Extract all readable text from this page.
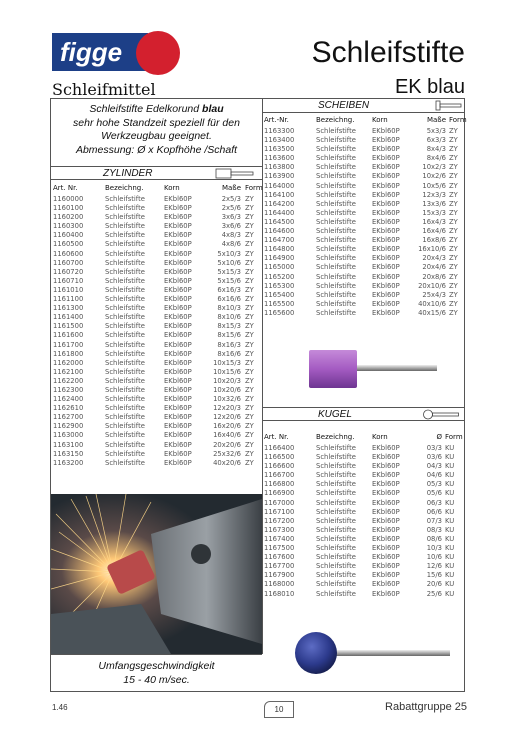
figge
Schleifmittel
Schleifstifte
EK blau
Schleifstifte Edelkorund blau
sehr hohe Standzeit speziell für den
Werkzeugbau geeignet.
Abmessung: Ø x Kopfhöhe /Schaft
ZYLINDER
Art. Nr.	Bezeichng.	Korn	Maße Form
1160000	Schleifstifte	EKbl60P	2x5/3 ZY
1160100	Schleifstifte	EKbl60P	2x5/6 ZY
1160200	Schleifstifte	EKbl60P	3x6/3 ZY
1160300	Schleifstifte	EKbl60P	3x6/6 ZY
1160400	Schleifstifte	EKbl60P	4x8/3 ZY
1160500	Schleifstifte	EKbl60P	4x8/6 ZY
1160600	Schleifstifte	EKbl60P	5x10/3 ZY
1160700	Schleifstifte	EKbl60P	5x10/6 ZY
1160720	Schleifstifte	EKbl60P	5x15/3 ZY
1160710	Schleifstifte	EKbl60P	5x15/6 ZY
1161010	Schleifstifte	EKbl60P	6x16/3 ZY
1161100	Schleifstifte	EKbl60P	6x16/6 ZY
1161300	Schleifstifte	EKbl60P	8x10/3 ZY
1161400	Schleifstifte	EKbl60P	8x10/6 ZY
1161500	Schleifstifte	EKbl60P	8x15/3 ZY
1161600	Schleifstifte	EKbl60P	8x15/6 ZY
1161700	Schleifstifte	EKbl60P	8x16/3 ZY
1161800	Schleifstifte	EKbl60P	8x16/6 ZY
1162000	Schleifstifte	EKbl60P	10x15/3 ZY
1162100	Schleifstifte	EKbl60P	10x15/6 ZY
1162200	Schleifstifte	EKbl60P	10x20/3 ZY
1162300	Schleifstifte	EKbl60P	10x20/6 ZY
1162400	Schleifstifte	EKbl60P	10x32/6 ZY
1162610	Schleifstifte	EKbl60P	12x20/3 ZY
1162700	Schleifstifte	EKbl60P	12x20/6 ZY
1162900	Schleifstifte	EKbl60P	16x20/6 ZY
1163000	Schleifstifte	EKbl60P	16x40/6 ZY
1163100	Schleifstifte	EKbl60P	20x20/6 ZY
1163150	Schleifstifte	EKbl60P	25x32/6 ZY
1163200	Schleifstifte	EKbl60P	40x20/6 ZY
SCHEIBEN
Art.-Nr.	Bezeichng.	Korn	Maße Form
1163300	Schleifstifte EKbl60P	5x3/3 ZY
1163400	Schleifstifte EKbl60P	6x3/3 ZY
1163500	Schleifstifte EKbl60P	8x4/3 ZY
1163600	Schleifstifte EKbl60P	8x4/6 ZY
1163800	Schleifstifte EKbl60P	10x2/3 ZY
1163900	Schleifstifte EKbl60P	10x2/6 ZY
1164000	Schleifstifte EKbl60P	10x5/6 ZY
1164100	Schleifstifte EKbl60P	12x3/3 ZY
1164200	Schleifstifte EKbl60P	13x3/6 ZY
1164400	Schleifstifte EKbl60P	15x3/3 ZY
1164500	Schleifstifte EKbl60P	16x4/3 ZY
1164600	Schleifstifte EKbl60P	16x4/6 ZY
1164700	Schleifstifte EKbl60P	16x8/6 ZY
1164800	Schleifstifte EKbl60P	16x10/6 ZY
1164900	Schleifstifte EKbl60P	20x4/3 ZY
1165000	Schleifstifte EKbl60P	20x4/6 ZY
1165200	Schleifstifte EKbl60P	20x8/6 ZY
1165300	Schleifstifte EKbl60P	20x10/6 ZY
1165400	Schleifstifte EKbl60P	25x4/3 ZY
1165500	Schleifstifte EKbl60P	40x10/6 ZY
1165600	Schleifstifte EKbl60P	40x15/6 ZY
KUGEL
Art. Nr.	Bezeichng.	Korn	Ø Form
1166400	Schleifstifte EKbl60P	03/3 KU
1166500	Schleifstifte EKbl60P	03/6 KU
1166600	Schleifstifte EKbl60P	04/3 KU
1166700	Schleifstifte EKbl60P	04/6 KU
1166800	Schleifstifte EKbl60P	05/3 KU
1166900	Schleifstifte EKbl60P	05/6 KU
1167000	Schleifstifte EKbl60P	06/3 KU
1167100	Schleifstifte EKbl60P	06/6 KU
1167200	Schleifstifte EKbl60P	07/3 KU
1167300	Schleifstifte EKbl60P	08/3 KU
1167400	Schleifstifte EKbl60P	08/6 KU
1167500	Schleifstifte EKbl60P	10/3 KU
1167600	Schleifstifte EKbl60P	10/6 KU
1167700	Schleifstifte EKbl60P	12/6 KU
1167900	Schleifstifte EKbl60P	15/6 KU
1168000	Schleifstifte EKbl60P	20/6 KU
1168010	Schleifstifte EKbl60P	25/6 KU
Umfangsgeschwindigkeit
15 - 40 m/sec.
1.46	10	Rabattgruppe 25
